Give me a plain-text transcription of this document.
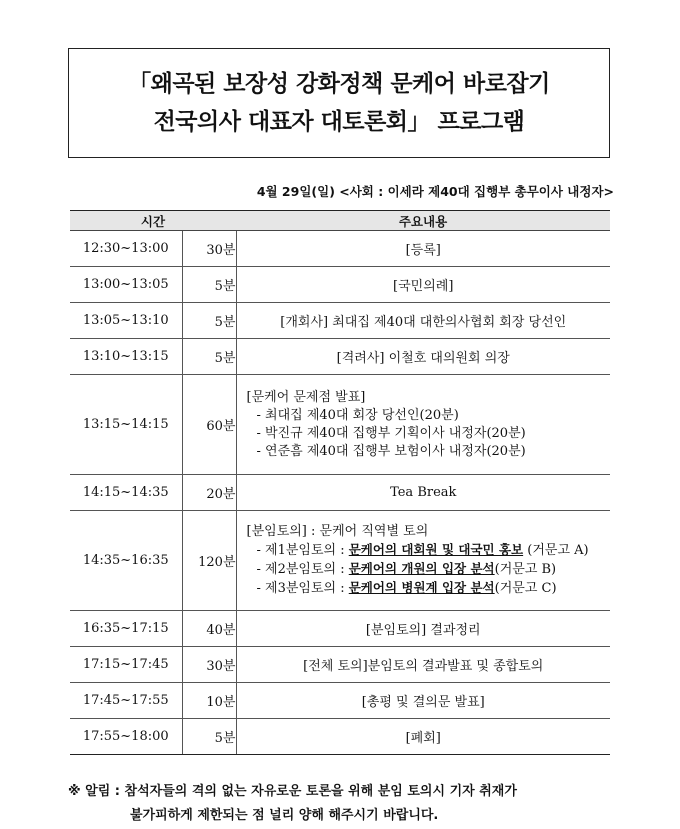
「왜곡된 보장성 강화정책 문케어 바로잡기
전국의사 대표자 대토론회」 프로그램
4월 29일(일) <사회 : 이세라 제40대 집행부 총무이사 내정자>
시간		주요내용
12:30~13:00	30분	[등록]
13:00~13:05	5분	[국민의례]
13:05~13:10	5분	[개회사] 최대집 제40대 대한의사협회 회장 당선인
13:10~13:15	5분	[격려사] 이철호 대의원회 의장
13:15~14:15	60분	[문케어 문제점 발표]
- 최대집 제40대 회장 당선인(20분)
- 박진규 제40대 집행부 기획이사 내정자(20분)
- 연준흠 제40대 집행부 보험이사 내정자(20분)

14:15~14:35	20분	Tea Break
14:35~16:35	120분	[분임토의] : 문케어 직역별 토의
- 제1분임토의 : 문케어의 대회원 및 대국민 홍보 (거문고 A)
- 제2분임토의 : 문케어의 개원의 입장 분석(거문고 B)
- 제3분임토의 : 문케어의 병원계 입장 분석(거문고 C)

16:35~17:15	40분	[분임토의] 결과정리
17:15~17:45	30분	[전체 토의]분임토의 결과발표 및 종합토의
17:45~17:55	10분	[총평 및 결의문 발표]
17:55~18:00	5분	[폐회]
※ 알림 : 참석자들의 격의 없는 자유로운 토론을 위해 분임 토의시 기자 취재가
불가피하게 제한되는 점 널리 양해 해주시기 바랍니다.
